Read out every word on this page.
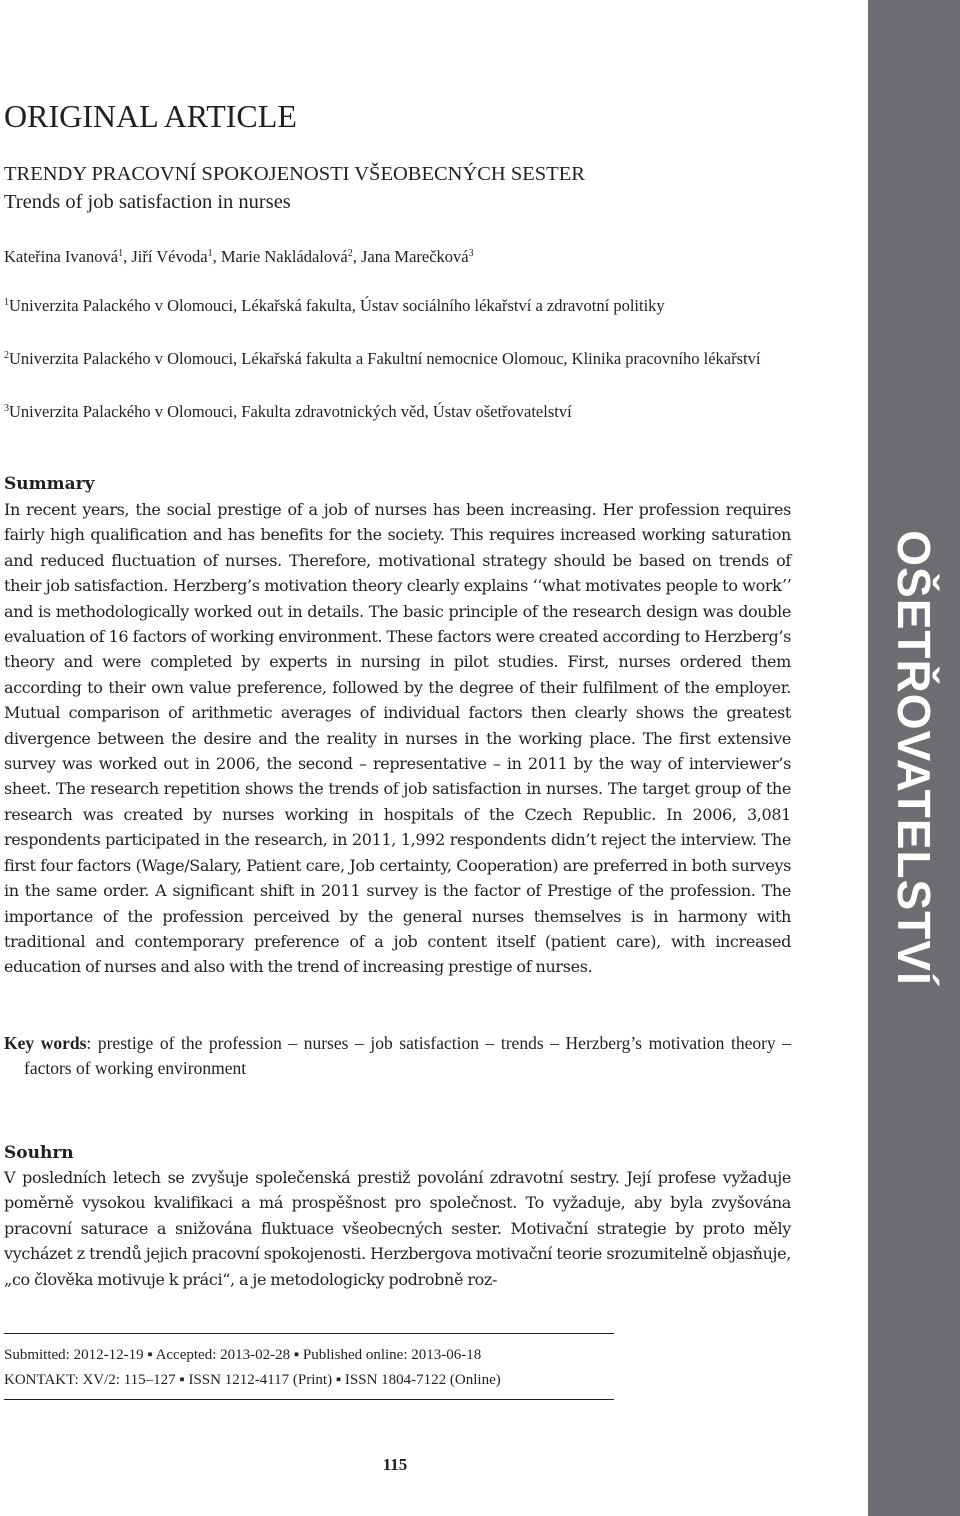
OŠETŘOVATELSTVÍ
ORIGINAL ARTICLE
TRENDY PRACOVNÍ SPOKOJENOSTI VŠEOBECNÝCH SESTER
Trends of job satisfaction in nurses
Kateřina Ivanová$^1$, Jiří Vévoda$^1$, Marie Nakládalová$^2$, Jana Marečková$^3$
$^1$Univerzita Palackého v Olomouci, Lékařská fakulta, Ústav sociálního lékařství a zdravotní politiky
$^2$Univerzita Palackého v Olomouci, Lékařská fakulta a Fakultní nemocnice Olomouc, Klinika pracovního lékařství
$^3$Univerzita Palackého v Olomouci, Fakulta zdravotnických věd, Ústav ošetřovatelství
Summary
In recent years, the social prestige of a job of nurses has been increasing. Her profession requires fairly high qualification and has benefits for the society. This requires increased working saturation and reduced fluctuation of nurses. Therefore, motivational strategy should be based on trends of their job satisfaction. Herzberg’s motivation theory clearly explains ʻʻwhat motivates people to workʼʼ and is methodologically worked out in details. The basic principle of the research design was double evaluation of 16 factors of working environment. These factors were created according to Herzberg’s theory and were completed by experts in nursing in pilot studies. First, nurses ordered them according to their own value preference, followed by the degree of their fulfilment of the employer. Mutual comparison of arithmetic averages of individual factors then clearly shows the greatest divergence between the desire and the reality in nurses in the working place. The first extensive survey was worked out in 2006, the second – representative – in 2011 by the way of interviewer’s sheet. The research repetition shows the trends of job satisfaction in nurses. The target group of the research was created by nurses working in hospitals of the Czech Republic. In 2006, 3,081 respondents participated in the research, in 2011, 1,992 respondents didn’t reject the interview. The first four factors (Wage/Salary, Patient care, Job certainty, Cooperation) are preferred in both surveys in the same order. A significant shift in 2011 survey is the factor of Prestige of the profession. The importance of the profession perceived by the general nurses themselves is in harmony with traditional and contemporary preference of a job content itself (patient care), with increased education of nurses and also with the trend of increasing prestige of nurses.
Key words: prestige of the profession – nurses – job satisfaction – trends – Herzberg’s motivation theory – factors of working environment
Souhrn
V posledních letech se zvyšuje společenská prestiž povolání zdravotní sestry. Její profese vyžaduje poměrně vysokou kvalifikaci a má prospěšnost pro společnost. To vyžaduje, aby byla zvyšována pracovní saturace a snižována fluktuace všeobecných sester. Motivační strategie by proto měly vycházet z trendů jejich pracovní spokojenosti. Herzbergova motivační teorie srozumitelně objasňuje, „co člověka motivuje k práci“, a je metodologicky podrobně roz-
Submitted: 2012-12-19 ▪ Accepted: 2013-02-28 ▪ Published online: 2013-06-18
KONTAKT: XV/2: 115–127 ▪ ISSN 1212-4117 (Print) ▪ ISSN 1804-7122 (Online)
115
